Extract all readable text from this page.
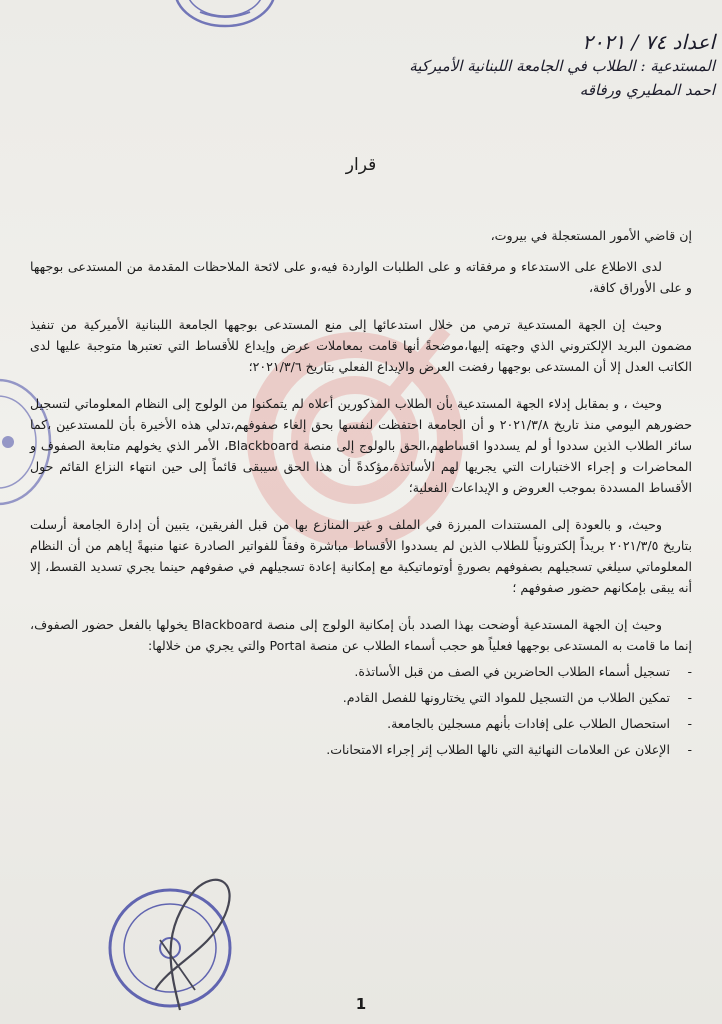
اعداد ٧٤ / ٢٠٢١
المستدعية : الطلاب في الجامعة اللبنانية الأميركية
احمد المطيري ورفاقه
قرار

إن قاضي الأمور المستعجلة في بيروت،

لدى الاطلاع على الاستدعاء و مرفقاته و على الطلبات الواردة فيه،و على لائحة الملاحظات المقدمة من المستدعى بوجهها و على الأوراق كافة،

وحيث إن الجهة المستدعية ترمي من خلال استدعائها إلى منع المستدعى بوجهها الجامعة اللبنانية الأميركية من تنفيذ مضمون البريد الإلكتروني الذي وجهته إليها،موضحةً أنها قامت بمعاملات عرض وإيداع للأقساط التي تعتبرها متوجبة عليها لدى الكاتب العدل إلا أن المستدعى بوجهها رفضت العرض والإيداع الفعلي بتاريخ ٢٠٢١/٣/٦؛

وحيث ، و بمقابل إدلاء الجهة المستدعية بأن الطلاب المذكورين أعلاه لم يتمكنوا من الولوج إلى النظام المعلوماتي لتسجيل حضورهم اليومي منذ تاريخ ٢٠٢١/٣/٨ و أن الجامعة احتفظت لنفسها بحق إلغاء صفوفهم،تدلي هذه الأخيرة بأن للمستدعين ،كما سائر الطلاب الذين سددوا أو لم يسددوا اقساطهم،الحق بالولوج إلى منصة Blackboard، الأمر الذي يخولهم متابعة الصفوف و المحاضرات و إجراء الاختبارات التي يجريها لهم الأساتذة،مؤكدةً أن هذا الحق سيبقى قائماً إلى حين انتهاء النزاع القائم حول الأقساط المسددة بموجب العروض و الإيداعات الفعلية؛

وحيث، و بالعودة إلى المستندات المبرزة في الملف و غير المنازع بها من قبل الفريقين، يتبين أن إدارة الجامعة أرسلت بتاريخ ٢٠٢١/٣/٥ بريداً إلكترونياً للطلاب الذين لم يسددوا الأقساط مباشرة وفقاً للفواتير الصادرة عنها منبهةً إياهم من أن النظام المعلوماتي سيلغي تسجيلهم بصفوفهم بصورةٍ أوتوماتيكية مع إمكانية إعادة تسجيلهم في صفوفهم حينما يجري تسديد القسط، إلا أنه يبقى بإمكانهم حضور صفوفهم ؛

وحيث إن الجهة المستدعية أوضحت بهذا الصدد بأن إمكانية الولوج إلى منصة Blackboard يخولها بالفعل حضور الصفوف، إنما ما قامت به المستدعى بوجهها فعلياً هو حجب أسماء الطلاب عن منصة Portal والتي يجري من خلالها:

- تسجيل أسماء الطلاب الحاضرين في الصف من قبل الأساتذة.
- تمكين الطلاب من التسجيل للمواد التي يختارونها للفصل القادم.
- استحصال الطلاب على إفادات بأنهم مسجلين بالجامعة.
- الإعلان عن العلامات النهائية التي نالها الطلاب إثر إجراء الامتحانات.
1
